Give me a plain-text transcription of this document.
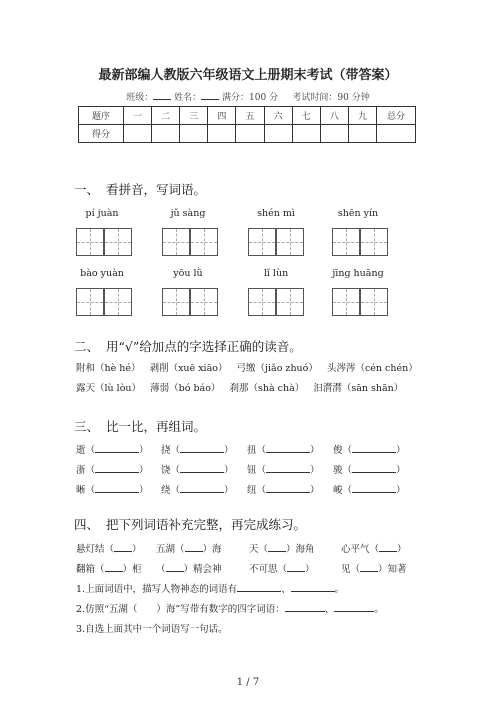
最新部编人教版六年级语文上册期末考试（带答案）
班级： 姓名： 满分：100 分 考试时间：90 分钟
题序	一	二	三	四	五	六	七	八	九	总分
得分										
一、 看拼音，写词语。
pí juàn	jǔ sàng	shén mì	shēn yín
bào yuàn	yōu lǜ	lǐ lùn	jīng huāng
二、 用“√”给加点的字选择正确的读音。
附和（hè hé） 剥削（xuē xiāo） 弓缴（jiǎo zhuó） 头涔涔（cén chén）
露天（lù lòu） 薄弱（bó báo） 刹那（shà chà） 汩潸潸（sān shān）
三、 比一比，再组词。
逝（	） 挠（	） 扭（	） 俊（	）
浙（	） 饶（	） 钮（	） 骏（	）
晰（	） 绕（	） 纽（	） 峻（	）
四、 把下列词语补充完整，再完成练习。
悬灯结（ ） 五湖（ ）海	天（ ）海角	心平气（ ）
翻箱（ ）柜 （ ）精会神	不可思（ ）	见（ ）知著
1.上面词语中，描写人物神态的词语有	、	。
2.仿照“五湖（　　）海”写带有数字的四字词语：	、	。
3.自选上面其中一个词语写一句话。
1 / 7
